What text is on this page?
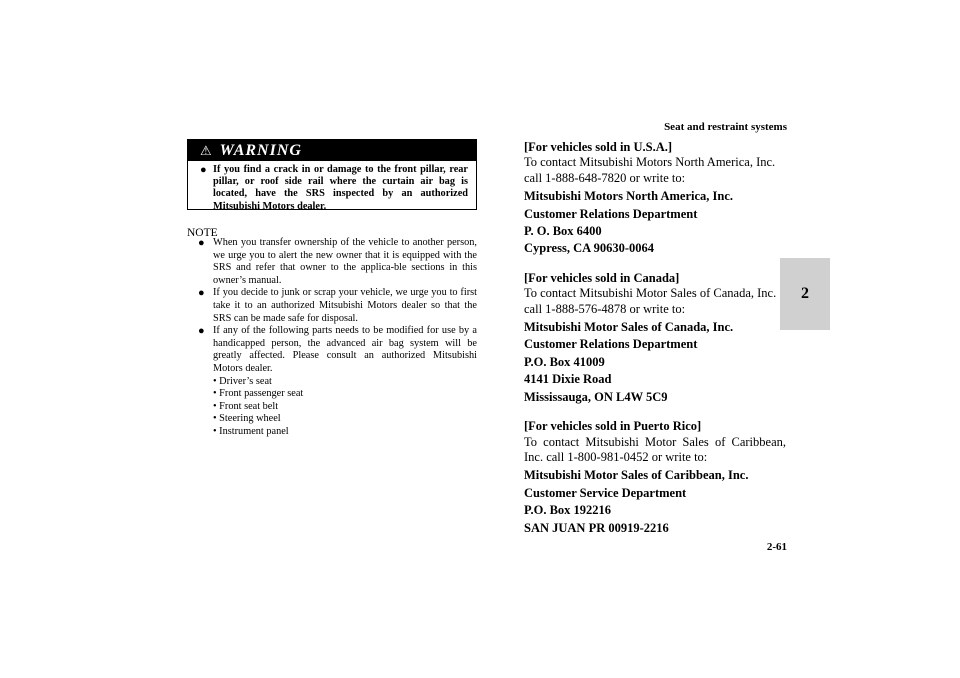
Seat and restraint systems
2
⚠ WARNING
● If you find a crack in or damage to the front pillar, rear pillar, or roof side rail where the curtain air bag is located, have the SRS inspected by an authorized Mitsubishi Motors dealer.
NOTE
● When you transfer ownership of the vehicle to another person, we urge you to alert the new owner that it is equipped with the SRS and refer that owner to the applica-ble sections in this owner’s manual.
● If you decide to junk or scrap your vehicle, we urge you to first take it to an authorized Mitsubishi Motors dealer so that the SRS can be made safe for disposal.
● If any of the following parts needs to be modified for use by a handicapped person, the advanced air bag system will be greatly affected. Please consult an authorized Mitsubishi Motors dealer.
• Driver’s seat
• Front passenger seat
• Front seat belt
• Steering wheel
• Instrument panel
[For vehicles sold in U.S.A.]
To contact Mitsubishi Motors North America, Inc. call 1-888-648-7820 or write to:
Mitsubishi Motors North America, Inc.
Customer Relations Department
P. O. Box 6400
Cypress, CA 90630-0064
[For vehicles sold in Canada]
To contact Mitsubishi Motor Sales of Canada, Inc. call 1-888-576-4878 or write to:
Mitsubishi Motor Sales of Canada, Inc.
Customer Relations Department
P.O. Box 41009
4141 Dixie Road
Mississauga, ON L4W 5C9
[For vehicles sold in Puerto Rico]
To contact Mitsubishi Motor Sales of Caribbean, Inc. call 1-800-981-0452 or write to:
Mitsubishi Motor Sales of Caribbean, Inc.
Customer Service Department
P.O. Box 192216
SAN JUAN PR 00919-2216
2-61
